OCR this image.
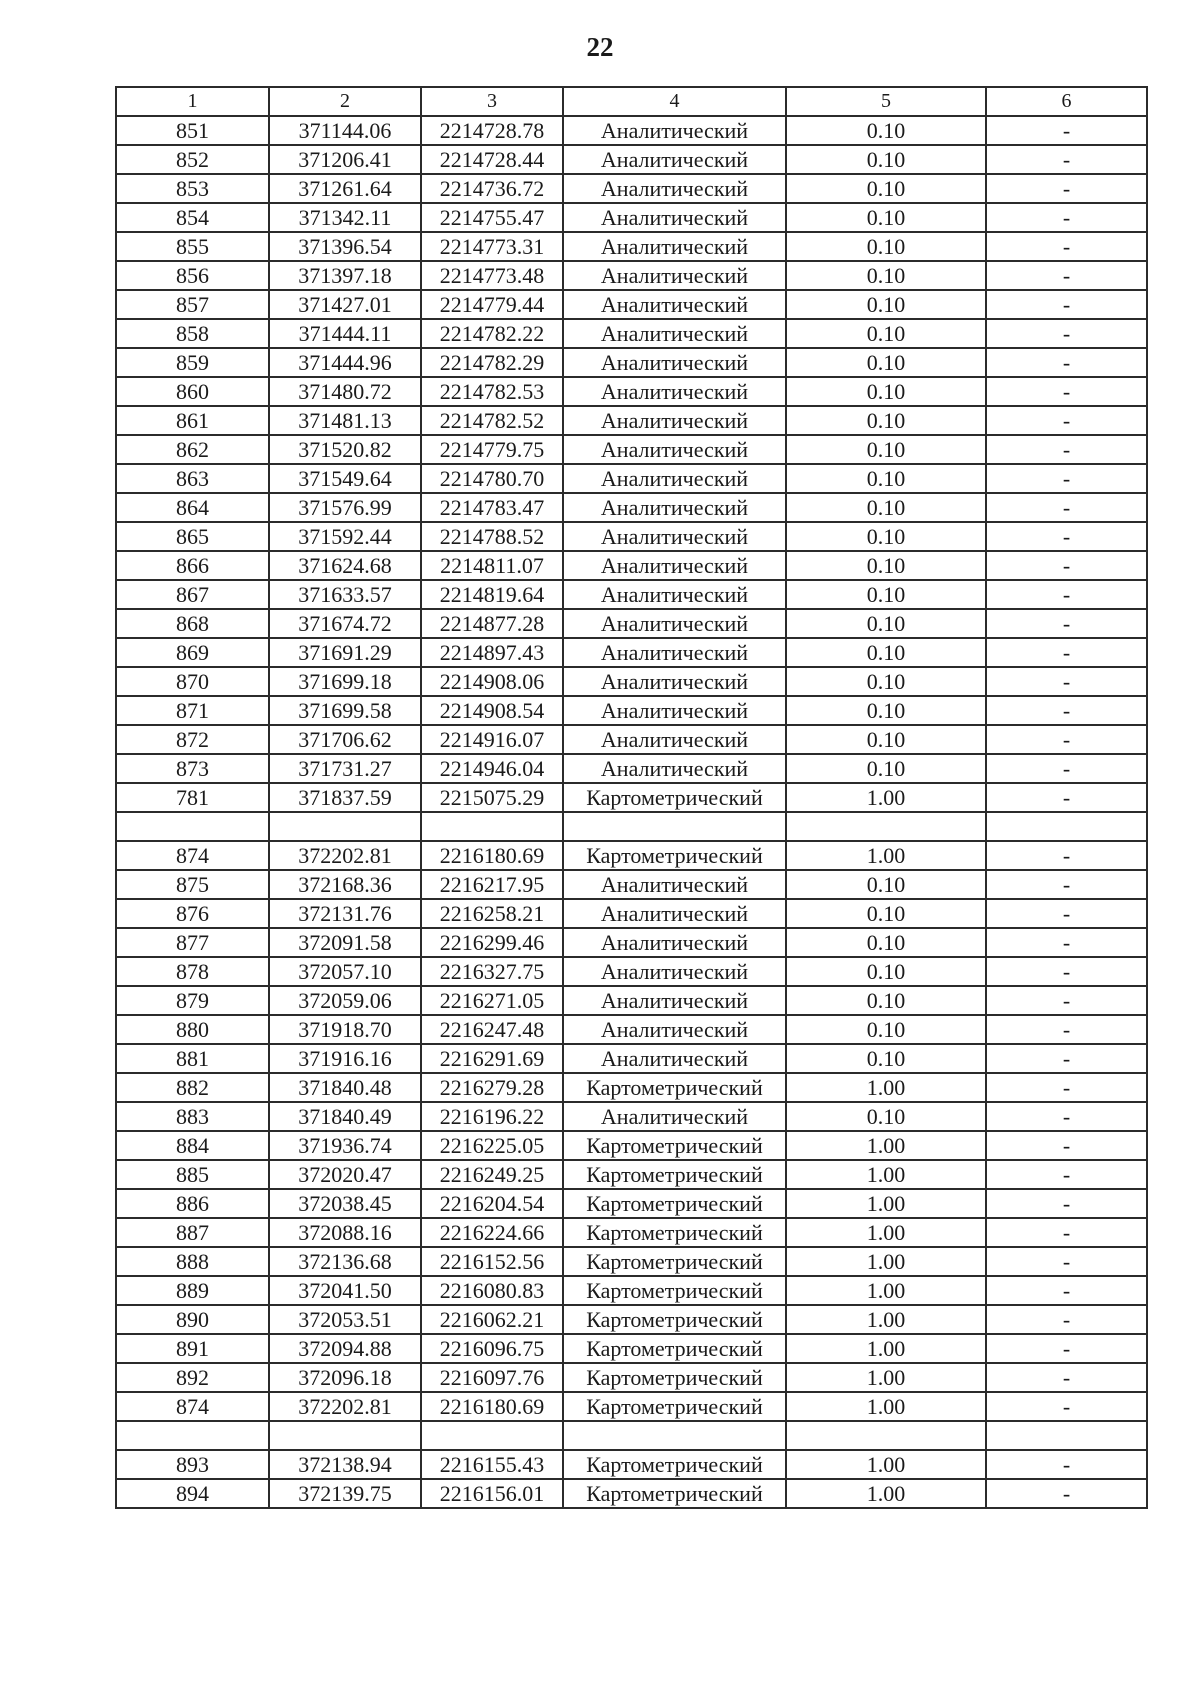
22
1	2	3	4	5	6
851	371144.06	2214728.78	Аналитический	0.10	-
852	371206.41	2214728.44	Аналитический	0.10	-
853	371261.64	2214736.72	Аналитический	0.10	-
854	371342.11	2214755.47	Аналитический	0.10	-
855	371396.54	2214773.31	Аналитический	0.10	-
856	371397.18	2214773.48	Аналитический	0.10	-
857	371427.01	2214779.44	Аналитический	0.10	-
858	371444.11	2214782.22	Аналитический	0.10	-
859	371444.96	2214782.29	Аналитический	0.10	-
860	371480.72	2214782.53	Аналитический	0.10	-
861	371481.13	2214782.52	Аналитический	0.10	-
862	371520.82	2214779.75	Аналитический	0.10	-
863	371549.64	2214780.70	Аналитический	0.10	-
864	371576.99	2214783.47	Аналитический	0.10	-
865	371592.44	2214788.52	Аналитический	0.10	-
866	371624.68	2214811.07	Аналитический	0.10	-
867	371633.57	2214819.64	Аналитический	0.10	-
868	371674.72	2214877.28	Аналитический	0.10	-
869	371691.29	2214897.43	Аналитический	0.10	-
870	371699.18	2214908.06	Аналитический	0.10	-
871	371699.58	2214908.54	Аналитический	0.10	-
872	371706.62	2214916.07	Аналитический	0.10	-
873	371731.27	2214946.04	Аналитический	0.10	-
781	371837.59	2215075.29	Картометрический	1.00	-

874	372202.81	2216180.69	Картометрический	1.00	-
875	372168.36	2216217.95	Аналитический	0.10	-
876	372131.76	2216258.21	Аналитический	0.10	-
877	372091.58	2216299.46	Аналитический	0.10	-
878	372057.10	2216327.75	Аналитический	0.10	-
879	372059.06	2216271.05	Аналитический	0.10	-
880	371918.70	2216247.48	Аналитический	0.10	-
881	371916.16	2216291.69	Аналитический	0.10	-
882	371840.48	2216279.28	Картометрический	1.00	-
883	371840.49	2216196.22	Аналитический	0.10	-
884	371936.74	2216225.05	Картометрический	1.00	-
885	372020.47	2216249.25	Картометрический	1.00	-
886	372038.45	2216204.54	Картометрический	1.00	-
887	372088.16	2216224.66	Картометрический	1.00	-
888	372136.68	2216152.56	Картометрический	1.00	-
889	372041.50	2216080.83	Картометрический	1.00	-
890	372053.51	2216062.21	Картометрический	1.00	-
891	372094.88	2216096.75	Картометрический	1.00	-
892	372096.18	2216097.76	Картометрический	1.00	-
874	372202.81	2216180.69	Картометрический	1.00	-

893	372138.94	2216155.43	Картометрический	1.00	-
894	372139.75	2216156.01	Картометрический	1.00	-
